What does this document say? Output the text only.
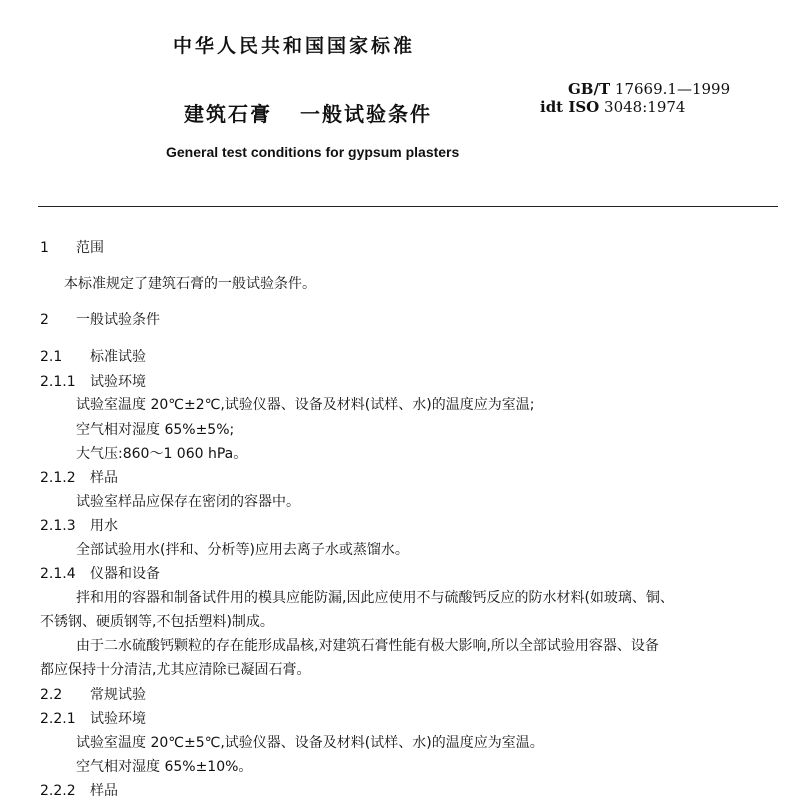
中华人民共和国国家标准
GB/T 17669.1—1999
建筑石膏 一般试验条件	idt ISO 3048:1974
General test conditions for gypsum plasters
1 范围
本标准规定了建筑石膏的一般试验条件。
2 一般试验条件
2.1 标准试验
2.1.1 试验环境
试验室温度 20℃±2℃,试验仪器、设备及材料(试样、水)的温度应为室温;
空气相对湿度 65%±5%;
大气压:860～1 060 hPa。
2.1.2 样品
试验室样品应保存在密闭的容器中。
2.1.3 用水
全部试验用水(拌和、分析等)应用去离子水或蒸馏水。
2.1.4 仪器和设备
拌和用的容器和制备试件用的模具应能防漏,因此应使用不与硫酸钙反应的防水材料(如玻璃、铜、
不锈钢、硬质钢等,不包括塑料)制成。
由于二水硫酸钙颗粒的存在能形成晶核,对建筑石膏性能有极大影响,所以全部试验用容器、设备
都应保持十分清洁,尤其应清除已凝固石膏。
2.2 常规试验
2.2.1 试验环境
试验室温度 20℃±5℃,试验仪器、设备及材料(试样、水)的温度应为室温。
空气相对湿度 65%±10%。
2.2.2 样品
